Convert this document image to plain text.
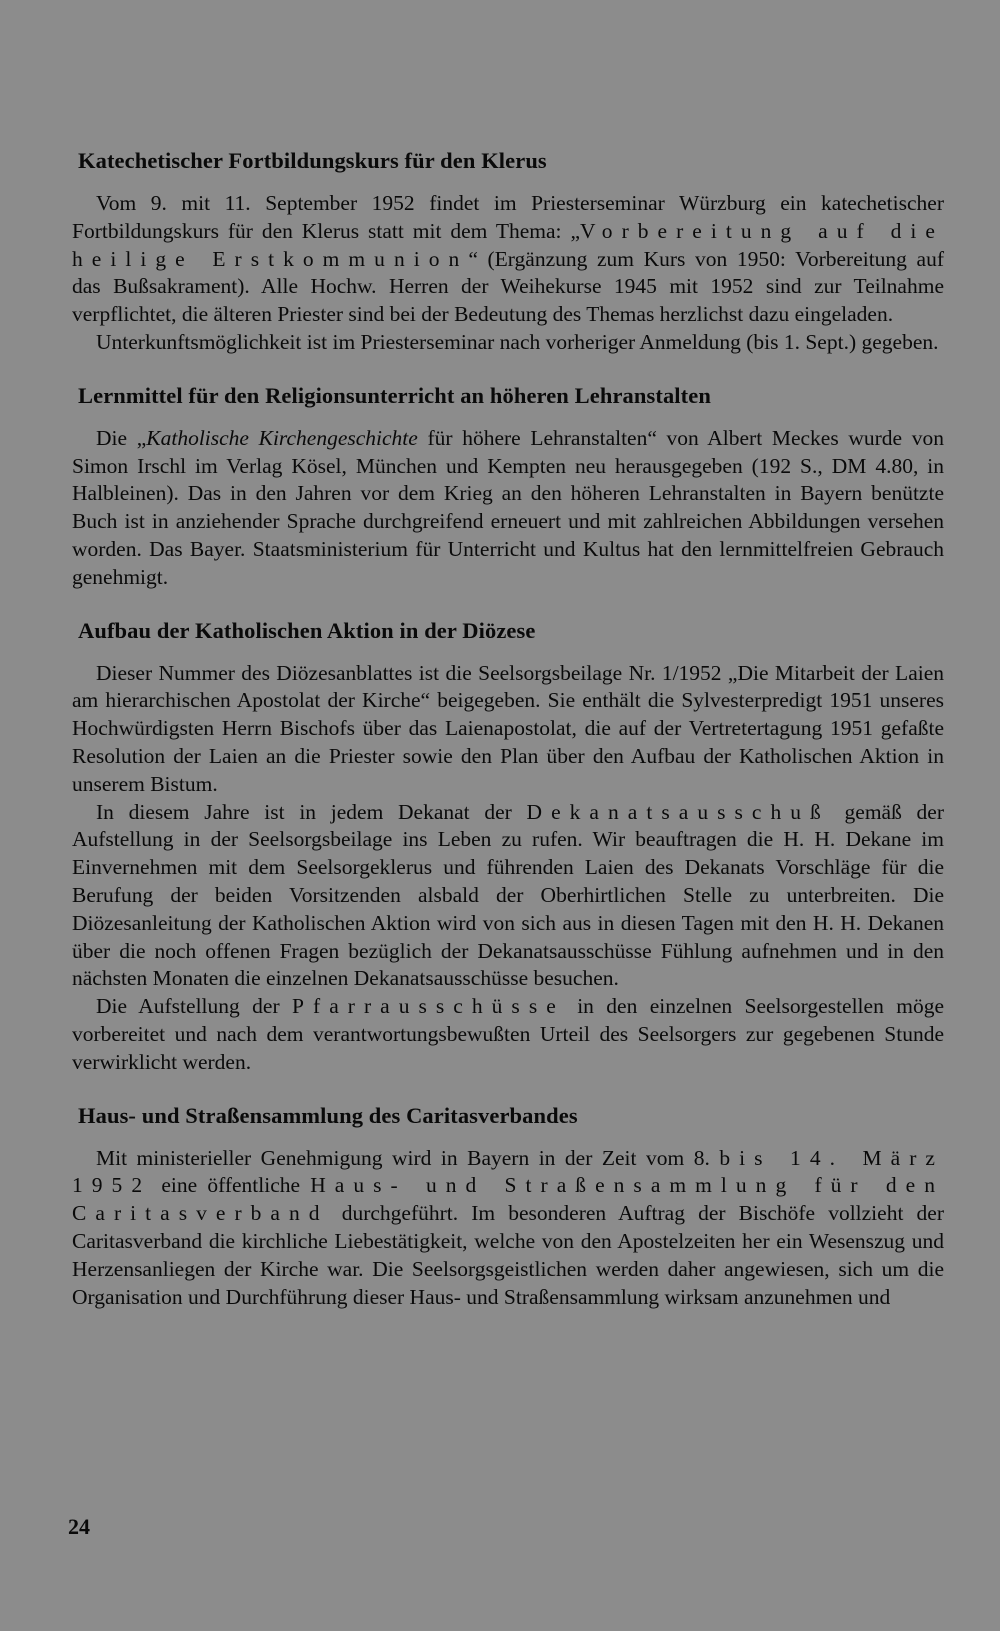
Katechetischer Fortbildungskurs für den Klerus

Vom 9. mit 11. September 1952 findet im Priesterseminar Würzburg ein katechetischer Fortbildungskurs für den Klerus statt mit dem Thema: „Vorbereitung auf die heilige Erstkommunion“ (Ergänzung zum Kurs von 1950: Vorbereitung auf das Bußsakrament). Alle Hochw. Herren der Weihekurse 1945 mit 1952 sind zur Teilnahme verpflichtet, die älteren Priester sind bei der Bedeutung des Themas herzlichst dazu eingeladen.

Unterkunftsmöglichkeit ist im Priesterseminar nach vorheriger Anmeldung (bis 1. Sept.) gegeben.

Lernmittel für den Religionsunterricht an höheren Lehranstalten

Die „Katholische Kirchengeschichte für höhere Lehranstalten“ von Albert Meckes wurde von Simon Irschl im Verlag Kösel, München und Kempten neu herausgegeben (192 S., DM 4.80, in Halbleinen). Das in den Jahren vor dem Krieg an den höheren Lehranstalten in Bayern benützte Buch ist in anziehender Sprache durchgreifend erneuert und mit zahlreichen Abbildungen versehen worden. Das Bayer. Staatsministerium für Unterricht und Kultus hat den lernmittelfreien Gebrauch genehmigt.

Aufbau der Katholischen Aktion in der Diözese

Dieser Nummer des Diözesanblattes ist die Seelsorgsbeilage Nr. 1/1952 „Die Mitarbeit der Laien am hierarchischen Apostolat der Kirche“ beigegeben. Sie enthält die Sylvesterpredigt 1951 unseres Hochwürdigsten Herrn Bischofs über das Laienapostolat, die auf der Vertretertagung 1951 gefaßte Resolution der Laien an die Priester sowie den Plan über den Aufbau der Katholischen Aktion in unserem Bistum.

In diesem Jahre ist in jedem Dekanat der Dekanatsausschuß gemäß der Aufstellung in der Seelsorgsbeilage ins Leben zu rufen. Wir beauftragen die H. H. Dekane im Einvernehmen mit dem Seelsorgeklerus und führenden Laien des Dekanats Vorschläge für die Berufung der beiden Vorsitzenden alsbald der Oberhirtlichen Stelle zu unterbreiten. Die Diözesanleitung der Katholischen Aktion wird von sich aus in diesen Tagen mit den H. H. Dekanen über die noch offenen Fragen bezüglich der Dekanatsausschüsse Fühlung aufnehmen und in den nächsten Monaten die einzelnen Dekanatsausschüsse besuchen.

Die Aufstellung der Pfarrausschüsse in den einzelnen Seelsorgestellen möge vorbereitet und nach dem verantwortungsbewußten Urteil des Seelsorgers zur gegebenen Stunde verwirklicht werden.

Haus- und Straßensammlung des Caritasverbandes

Mit ministerieller Genehmigung wird in Bayern in der Zeit vom 8. bis 14. März 1952 eine öffentliche Haus- und Straßensammlung für den Caritasverband durchgeführt. Im besonderen Auftrag der Bischöfe vollzieht der Caritasverband die kirchliche Liebestätigkeit, welche von den Apostelzeiten her ein Wesenszug und Herzensanliegen der Kirche war. Die Seelsorgsgeistlichen werden daher angewiesen, sich um die Organisation und Durchführung dieser Haus- und Straßensammlung wirksam anzunehmen und

24
